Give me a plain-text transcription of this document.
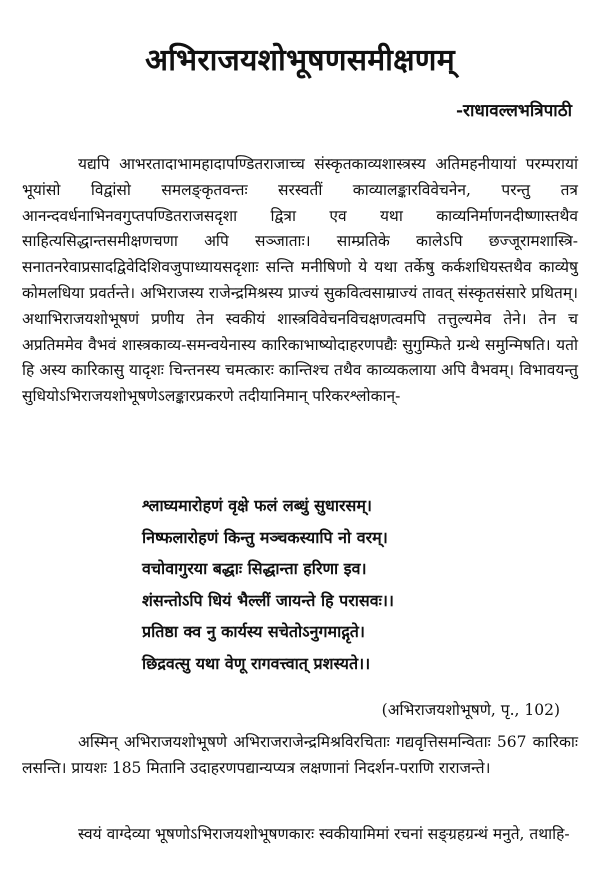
अभिराजयशोभूषणसमीक्षणम्
-राधावल्लभत्रिपाठी

यद्यपि आभरतादाभामहादापण्डितराजाच्च संस्कृतकाव्यशास्त्रस्य अतिमहनीयायां परम्परायां भूयांसो विद्वांसो समलङ्कृतवन्तः सरस्वतीं काव्यालङ्कारविवेचनेन, परन्तु तत्र आनन्दवर्धनाभिनवगुप्तपण्डितराजसदृशा द्वित्रा एव यथा काव्यनिर्माणनदीष्णास्तथैव साहित्यसिद्धान्तसमीक्षणचणा अपि सञ्जाताः। साम्प्रतिके कालेऽपि छज्जूरामशास्त्रि-सनातनरेवाप्रसादद्विवेदिशिवजुपाध्यायसदृशाः सन्ति मनीषिणो ये यथा तर्केषु कर्कशधियस्तथैव काव्येषु कोमलधिया प्रवर्तन्ते। अभिराजस्य राजेन्द्रमिश्रस्य प्राज्यं सुकवित्वसाम्राज्यं तावत् संस्कृतसंसारे प्रथितम्। अथाभिराजयशोभूषणं प्रणीय तेन स्वकीयं शास्त्रविवेचनविचक्षणत्वमपि तत्तुल्यमेव तेने। तेन च अप्रतिममेव वैभवं शास्त्रकाव्य-समन्वयेनास्य कारिकाभाष्योदाहरणपद्यैः सुगुम्फिते ग्रन्थे समुन्मिषति। यतो हि अस्य कारिकासु यादृशः चिन्तनस्य चमत्कारः कान्तिश्च तथैव काव्यकलाया अपि वैभवम्। विभावयन्तु सुधियोऽभिराजयशोभूषणेऽलङ्कारप्रकरणे तदीयानिमान् परिकरश्लोकान्-

श्लाघ्यमारोहणं वृक्षे फलं लब्धुं सुधारसम्।
निष्फलारोहणं किन्तु मञ्चकस्यापि नो वरम्।
वचोवागुरया बद्धाः सिद्धान्ता हरिणा इव।
शंसन्तोऽपि धियं भैल्लीं जायन्ते हि परासवः।।
प्रतिष्ठा क्व नु कार्यस्य सचेतोऽनुगमाद्गृते।
छिद्रवत्सु यथा वेणू रागवत्त्वात् प्रशस्यते।।
(अभिराजयशोभूषणे, पृ., 102)

अस्मिन् अभिराजयशोभूषणे अभिराजराजेन्द्रमिश्रविरचिताः गद्यवृत्तिसमन्विताः 567 कारिकाः लसन्ति। प्रायशः 185 मितानि उदाहरणपद्यान्यप्यत्र लक्षणानां निदर्शन-पराणि राराजन्ते।

स्वयं वाग्देव्या भूषणोऽभिराजयशोभूषणकारः स्वकीयामिमां रचनां सङ्ग्रहग्रन्थं मनुते, तथाहि-
